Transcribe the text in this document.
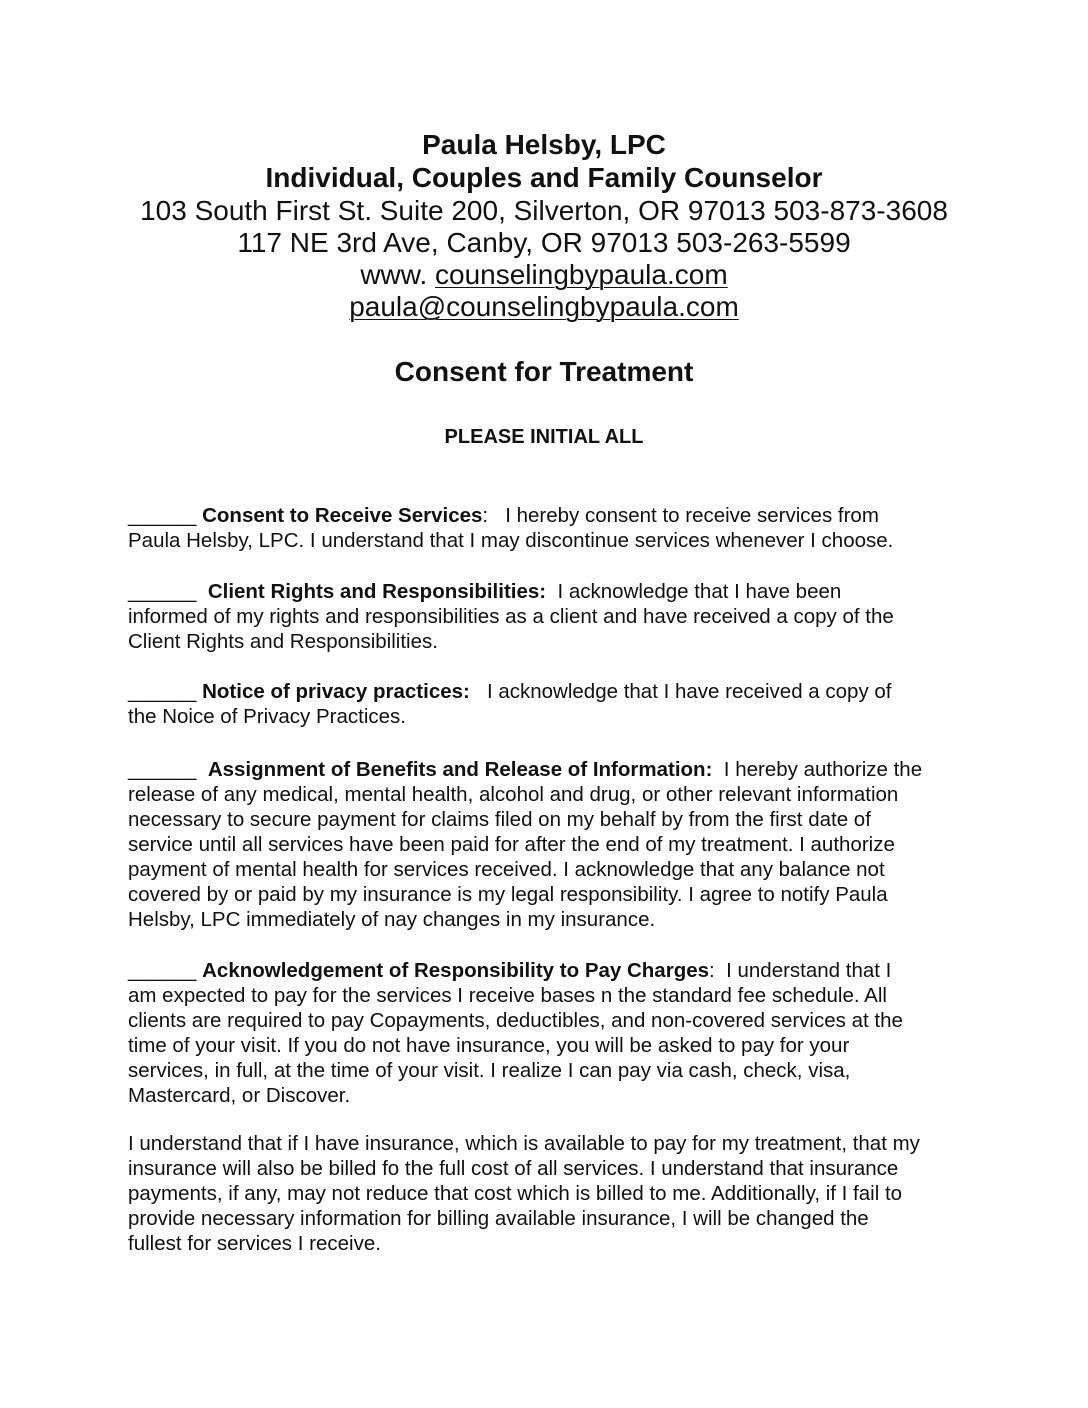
Paula Helsby, LPC
Individual, Couples and Family Counselor
103 South First St. Suite 200, Silverton, OR 97013 503-873-3608
117 NE 3rd Ave, Canby, OR 97013 503-263-5599
www. counselingbypaula.com
paula@counselingbypaula.com
Consent for Treatment
PLEASE INITIAL ALL
______ Consent to Receive Services:   I hereby consent to receive services from
Paula Helsby, LPC. I understand that I may discontinue services whenever I choose.
______  Client Rights and Responsibilities:  I acknowledge that I have been
informed of my rights and responsibilities as a client and have received a copy of the
Client Rights and Responsibilities.
______ Notice of privacy practices:   I acknowledge that I have received a copy of
the Noice of Privacy Practices.
______  Assignment of Benefits and Release of Information:  I hereby authorize the
release of any medical, mental health, alcohol and drug, or other relevant information
necessary to secure payment for claims filed on my behalf by from the first date of
service until all services have been paid for after the end of my treatment. I authorize
payment of mental health for services received. I acknowledge that any balance not
covered by or paid by my insurance is my legal responsibility. I agree to notify Paula
Helsby, LPC immediately of nay changes in my insurance.
______ Acknowledgement of Responsibility to Pay Charges:  I understand that I
am expected to pay for the services I receive bases n the standard fee schedule. All
clients are required to pay Copayments, deductibles, and non-covered services at the
time of your visit. If you do not have insurance, you will be asked to pay for your
services, in full, at the time of your visit. I realize I can pay via cash, check, visa,
Mastercard, or Discover.
I understand that if I have insurance, which is available to pay for my treatment, that my
insurance will also be billed fo the full cost of all services. I understand that insurance
payments, if any, may not reduce that cost which is billed to me. Additionally, if I fail to
provide necessary information for billing available insurance, I will be changed the
fullest for services I receive.
